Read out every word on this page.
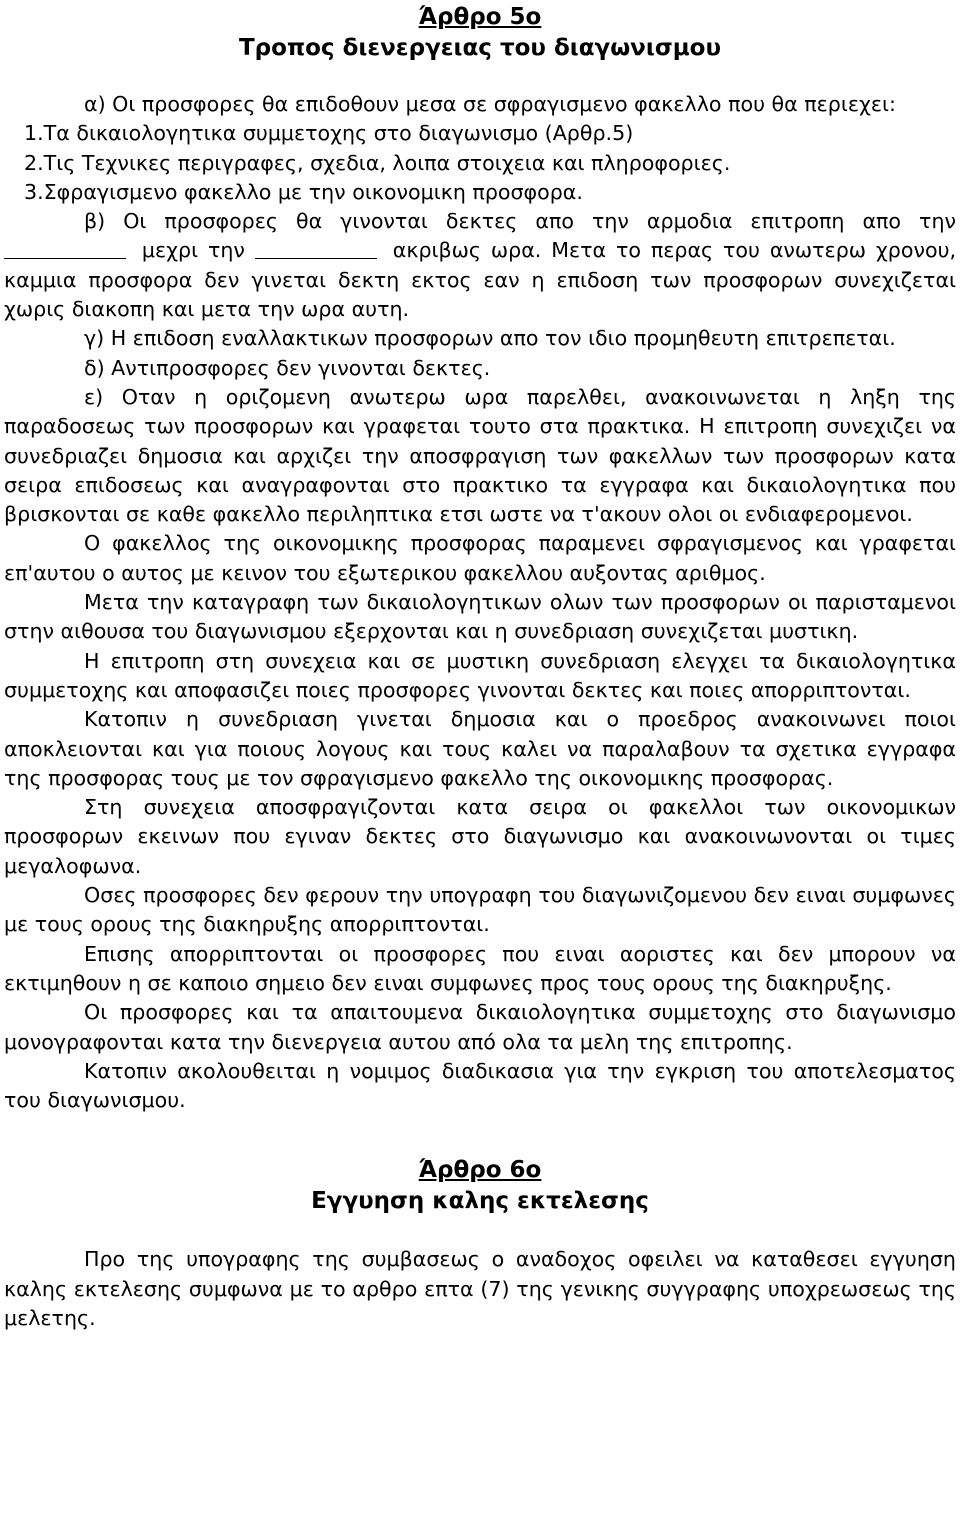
Άρθρο 5ο
Τροπος διενεργειας του διαγωνισμου

α) Οι προσφορες θα επιδοθουν μεσα σε σφραγισμενο φακελλο που θα περιεχει:

1.Τα δικαιολογητικα συμμετοχης στο διαγωνισμο (Αρθρ.5)

2.Τις Τεχνικες περιγραφες, σχεδια, λοιπα στοιχεια και πληροφοριες.

3.Σφραγισμενο φακελλο με την οικονομικη προσφορα.

β) Οι προσφορες θα γινονται δεκτες απο την αρμοδια επιτροπη απο την

μεχρι την	ακριβως ωρα. Μετα το περας του ανωτερω χρονου, καμμια προσφορα δεν γινεται δεκτη εκτος εαν η επιδοση των προσφορων συνεχιζεται χωρις διακοπη και μετα την ωρα αυτη.

γ) Η επιδοση εναλλακτικων προσφορων απο τον ιδιο προμηθευτη επιτρεπεται.

δ) Αντιπροσφορες δεν γινονται δεκτες.

ε) Οταν η οριζομενη ανωτερω ωρα παρελθει, ανακοινωνεται η ληξη της παραδοσεως των προσφορων και γραφεται τουτο στα πρακτικα. Η επιτροπη συνεχιζει να συνεδριαζει δημοσια και αρχιζει την αποσφραγιση των φακελλων των προσφορων κατα σειρα επιδοσεως και αναγραφονται στο πρακτικο τα εγγραφα και δικαιολογητικα που βρισκονται σε καθε φακελλο περιληπτικα ετσι ωστε να τ'ακουν ολοι οι ενδιαφερομενοι.

Ο φακελλος της οικονομικης προσφορας παραμενει σφραγισμενος και γραφεται επ'αυτου ο αυτος με κεινον του εξωτερικου φακελλου αυξοντας αριθμος.

Μετα την καταγραφη των δικαιολογητικων ολων των προσφορων οι παρισταμενοι στην αιθουσα του διαγωνισμου εξερχονται και η συνεδριαση συνεχιζεται μυστικη.

Η επιτροπη στη συνεχεια και σε μυστικη συνεδριαση ελεγχει τα δικαιολογητικα συμμετοχης και αποφασιζει ποιες προσφορες γινονται δεκτες και ποιες απορριπτονται.

Κατοπιν η συνεδριαση γινεται δημοσια και ο προεδρος ανακοινωνει ποιοι αποκλειονται και για ποιους λογους και τους καλει να παραλαβουν τα σχετικα εγγραφα της προσφορας τους με τον σφραγισμενο φακελλο της οικονομικης προσφορας.

Στη συνεχεια αποσφραγιζονται κατα σειρα οι φακελλοι των οικονομικων προσφορων εκεινων που εγιναν δεκτες στο διαγωνισμο και ανακοινωνονται οι τιμες μεγαλοφωνα.

Οσες προσφορες δεν φερουν την υπογραφη του διαγωνιζομενου δεν ειναι συμφωνες με τους ορους της διακηρυξης απορριπτονται.

Επισης απορριπτονται οι προσφορες που ειναι αοριστες και δεν μπορουν να εκτιμηθουν η σε καποιο σημειο δεν ειναι συμφωνες προς τους ορους της διακηρυξης.

Οι προσφορες και τα απαιτουμενα δικαιολογητικα συμμετοχης στο διαγωνισμο μονογραφονται κατα την διενεργεια αυτου από ολα τα μελη της επιτροπης.

Κατοπιν ακολουθειται η νομιμος διαδικασια για την εγκριση του αποτελεσματος του διαγωνισμου.

Άρθρο 6ο
Εγγυηση καλης εκτελεσης

Προ της υπογραφης της συμβασεως ο αναδοχος οφειλει να καταθεσει εγγυηση καλης εκτελεσης συμφωνα με το αρθρο επτα (7) της γενικης συγγραφης υποχρεωσεως της μελετης.
